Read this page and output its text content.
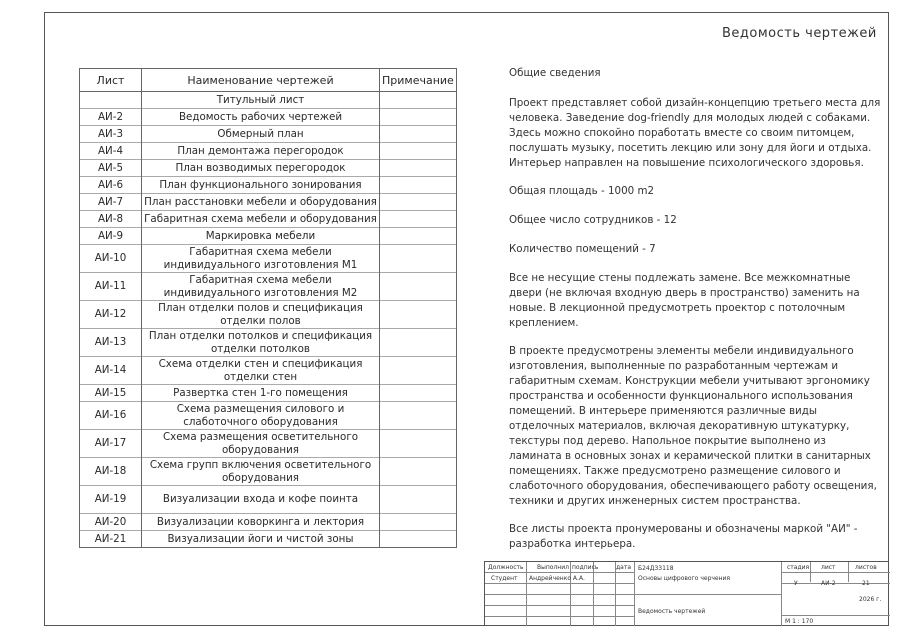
Ведомость чертежей
Лист	Наименование чертежей	Примечание
	Титульный лист	
АИ-2	Ведомость рабочих чертежей	
АИ-3	Обмерный план	
АИ-4	План демонтажа перегородок	
АИ-5	План возводимых перегородок	
АИ-6	План функционального зонирования	
АИ-7	План расстановки мебели и оборудования	
АИ-8	Габаритная схема мебели и оборудования	
АИ-9	Маркировка мебели	
АИ-10	Габаритная схема мебели индивидуального изготовления М1	
АИ-11	Габаритная схема мебели индивидуального изготовления М2	
АИ-12	План отделки полов и спецификация отделки полов	
АИ-13	План отделки потолков и спецификация отделки потолков	
АИ-14	Схема отделки стен и спецификация отделки стен	
АИ-15	Развертка стен 1-го помещения	
АИ-16	Схема размещения силового и слаботочного оборудования	
АИ-17	Схема размещения осветительного оборудования	
АИ-18	Схема групп включения осветительного оборудования	
АИ-19	Визуализации входа и кофе поинта	
АИ-20	Визуализации коворкинга и лектория	
АИ-21	Визуализации йоги и чистой зоны	

Общие сведения

Проект представляет собой дизайн-концепцию третьего места для человека. Заведение dog-friendly для молодых людей с собаками. Здесь можно спокойно поработать вместе со своим питомцем, послушать музыку, посетить лекцию или зону для йоги и отдыха. Интерьер направлен на повышение психологического здоровья.

Общая площадь - 1000 m2

Общее число сотрудников - 12

Количество помещений - 7

Все не несущие стены подлежать замене. Все межкомнатные двери (не включая входную дверь в пространство) заменить на новые. В лекционной предусмотреть проектор с потолочным креплением.

В проекте предусмотрены элементы мебели индивидуального изготовления, выполненные по разработанным чертежам и габаритным схемам. Конструкции мебели учитывают эргономику пространства и особенности функционального использования помещений. В интерьере применяются различные виды отделочных материалов, включая декоративную штукатурку, текстуры под дерево. Напольное покрытие выполнено из ламината в основных зонах и керамической плитки в санитарных помещениях. Также предусмотрено размещение силового и слаботочного оборудования, обеспечивающего работу освещения, техники и других инженерных систем пространства.

Все листы проекта пронумерованы и обозначены маркой "АИ" - разработка интерьера.

Должность Выполнил подпись	дата
Студент Андрейченко А.А.
Б24Д33118
Основы цифрового черчения
Ведомость чертежей
стадия лист	листов
У	АИ-2	21
2026 г.
М 1 : 170
